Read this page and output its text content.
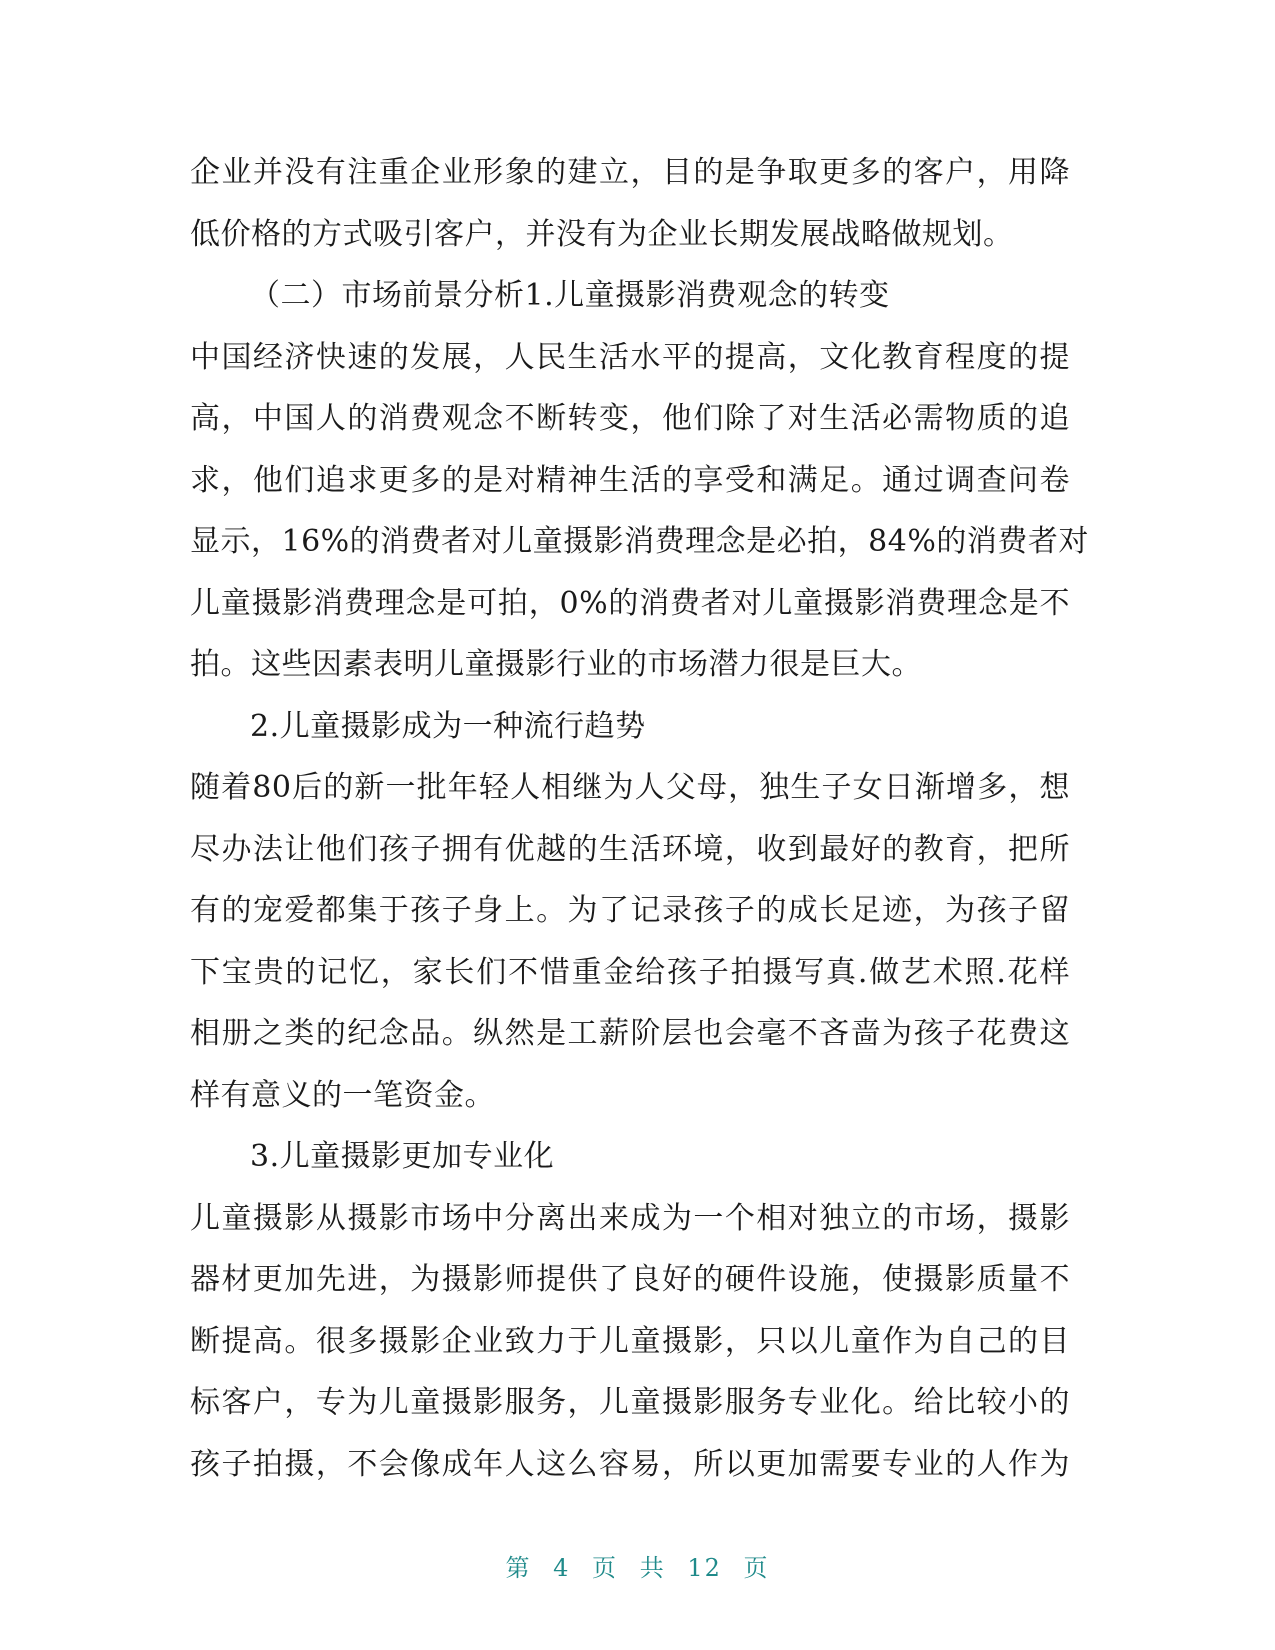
企业并没有注重企业形象的建立，目的是争取更多的客户，用降
低价格的方式吸引客户，并没有为企业长期发展战略做规划。
（二）市场前景分析1.儿童摄影消费观念的转变
中国经济快速的发展，人民生活水平的提高，文化教育程度的提
高，中国人的消费观念不断转变，他们除了对生活必需物质的追
求，他们追求更多的是对精神生活的享受和满足。通过调查问卷
显示，16%的消费者对儿童摄影消费理念是必拍，84%的消费者对
儿童摄影消费理念是可拍，0%的消费者对儿童摄影消费理念是不
拍。这些因素表明儿童摄影行业的市场潜力很是巨大。
2.儿童摄影成为一种流行趋势
随着80后的新一批年轻人相继为人父母，独生子女日渐增多，想
尽办法让他们孩子拥有优越的生活环境，收到最好的教育，把所
有的宠爱都集于孩子身上。为了记录孩子的成长足迹，为孩子留
下宝贵的记忆，家长们不惜重金给孩子拍摄写真.做艺术照.花样
相册之类的纪念品。纵然是工薪阶层也会毫不吝啬为孩子花费这
样有意义的一笔资金。
3.儿童摄影更加专业化
儿童摄影从摄影市场中分离出来成为一个相对独立的市场，摄影
器材更加先进，为摄影师提供了良好的硬件设施，使摄影质量不
断提高。很多摄影企业致力于儿童摄影，只以儿童作为自己的目
标客户，专为儿童摄影服务，儿童摄影服务专业化。给比较小的
孩子拍摄，不会像成年人这么容易，所以更加需要专业的人作为
第 4 页 共 12 页
